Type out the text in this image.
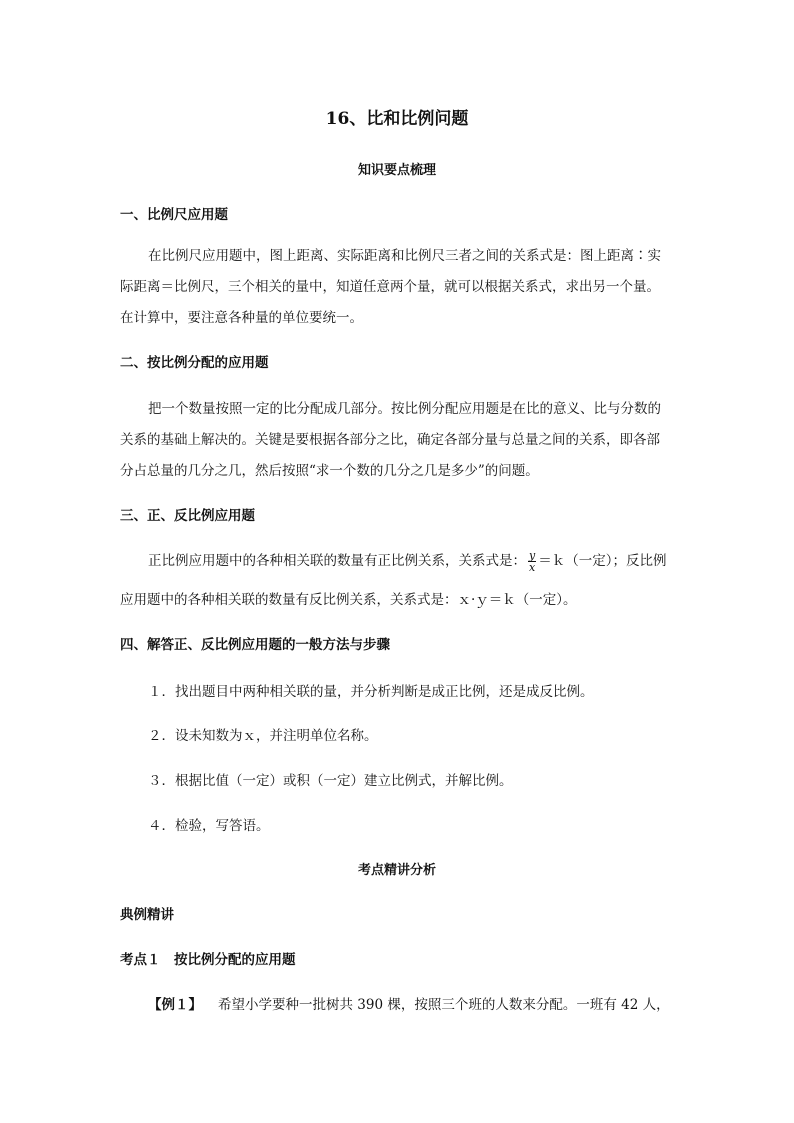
16、比和比例问题
知识要点梳理
一、比例尺应用题
在比例尺应用题中，图上距离、实际距离和比例尺三者之间的关系式是：图上距离∶实
际距离＝比例尺，三个相关的量中，知道任意两个量，就可以根据关系式，求出另一个量。
在计算中，要注意各种量的单位要统一。
二、按比例分配的应用题
把一个数量按照一定的比分配成几部分。按比例分配应用题是在比的意义、比与分数的
关系的基础上解决的。关键是要根据各部分之比，确定各部分量与总量之间的关系，即各部
分占总量的几分之几，然后按照“求一个数的几分之几是多少”的问题。
三、正、反比例应用题
正比例应用题中的各种相关联的数量有正比例关系，关系式是： $\frac{y}{x}$ ＝ｋ（一定）；反比例
应用题中的各种相关联的数量有反比例关系，关系式是：ｘ·ｙ＝ｋ（一定）。
四、解答正、反比例应用题的一般方法与步骤
１．找出题目中两种相关联的量，并分析判断是成正比例，还是成反比例。
２．设未知数为ｘ，并注明单位名称。
３．根据比值（一定）或积（一定）建立比例式，并解比例。
４．检验，写答语。
考点精讲分析
典例精讲
考点１　按比例分配的应用题
【例１】 希望小学要种一批树共 390 棵，按照三个班的人数来分配。一班有 42 人，
